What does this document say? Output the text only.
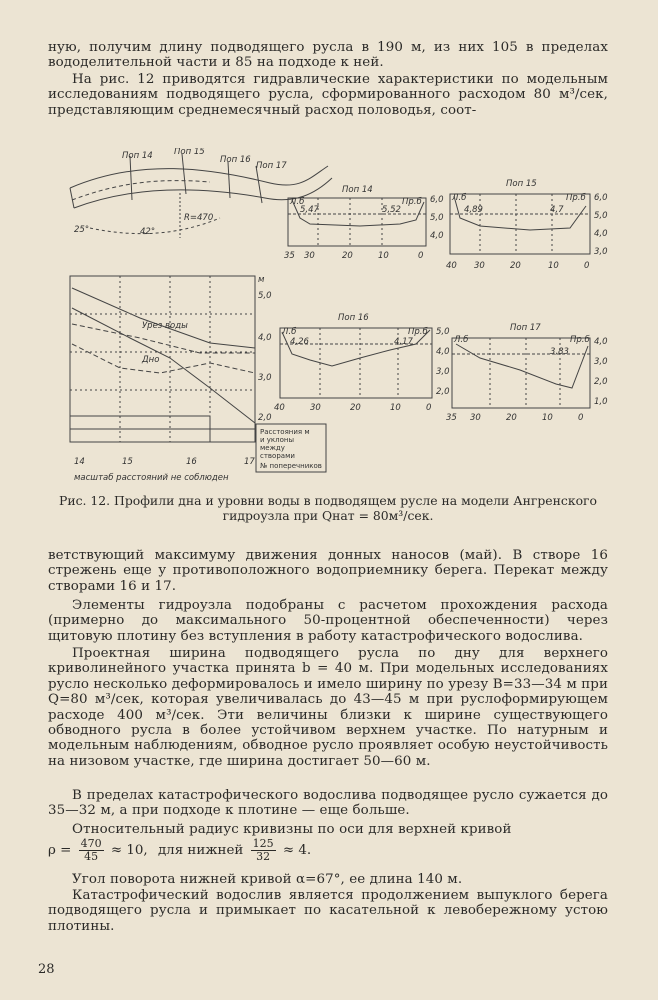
ную, получим длину подводящего русла в 190 м, из них 105 в пределах вододелительной части и 85 на подходе к ней.

На рис. 12 приводятся гидравлические характеристики по модельным исследованиям подводящего русла, сформированного расходом 80 м³/сек, представляющим среднемесячный расход половодья, соот-

Поп 14	Поп 15
Поп 16
Поп 17
R=470
42°
25°
Поп 14
Л.б	Пр.б
5,47	5,52
6,0
5,0
4,0
35 30	20	10	0
Поп 15
Л.б	Пр.б
4,89	4,7
6,0
5,0
4,0
3,0
40 30	20	10	0
Поп 16
Л.б	Пр.б
4,26	4,17
5,0
4,0
3,0
2,0
40	30	20	10	0
Поп 17
Л.б	Пр.б
3,83
4,0
3,0
2,0
1,0
35 30	20	10	0
м
5,0
4,0
3,0
2,0
Урез воды
Дно
14	15	16	17
масштаб расстояний не соблюден
Расстояния м
и уклоны
между
створами
№ поперечников
Рис. 12. Профили дна и уровни воды в подводящем русле на модели Ангренского гидроузла при Qнат = 80м³/сек.

ветствующий максимуму движения донных наносов (май). В створе 16 стрежень еще у противоположного водоприемнику берега. Перекат между створами 16 и 17.

Элементы гидроузла подобраны с расчетом прохождения расхода (примерно до максимального 50-процентной обеспеченности) через щитовую плотину без вступления в работу катастрофического водослива.

Проектная ширина подводящего русла по дну для верхнего криволинейного участка принята b = 40 м. При модельных исследованиях русло несколько деформировалось и имело ширину по урезу B=33—34 м при Q=80 м³/сек, которая увеличивалась до 43—45 м при руслоформирующем расходе 400 м³/сек. Эти величины близки к ширине существующего обводного русла в более устойчивом верхнем участке. По натурным и модельным наблюдениям, обводное русло проявляет особую неустойчивость на низовом участке, где ширина достигает 50—60 м.

В пределах катастрофического водослива подводящее русло сужается до 35—32 м, а при подходе к плотине — еще больше.

Относительный радиус кривизны по оси для верхней кривой

$\rho = \frac{470}{45} \approx 10$, для нижней $\frac{125}{32} \approx 4$.

Угол поворота нижней кривой α=67°, ее длина 140 м.

Катастрофический водослив является продолжением выпуклого берега подводящего русла и примыкает по касательной к левобережному устою плотины.

28
